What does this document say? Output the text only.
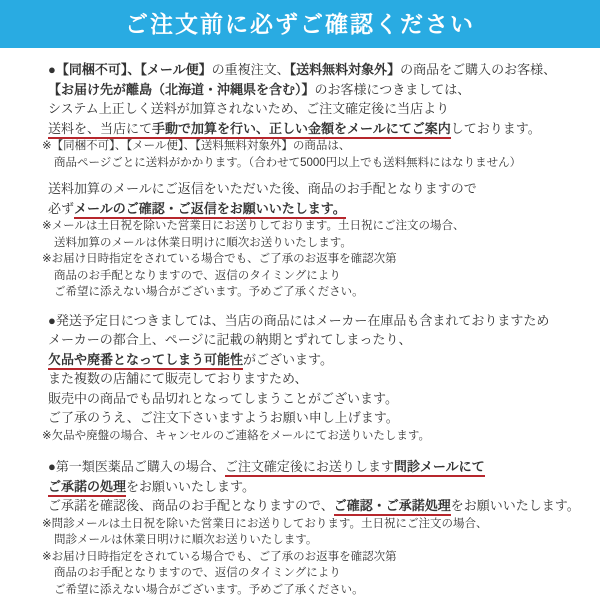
ご注文前に必ずご確認ください
●【同梱不可】、【メール便】の重複注文、【送料無料対象外】の商品をご購入のお客様、
【お届け先が離島（北海道・沖縄県を含む）】のお客様につきましては、
システム上正しく送料が加算されないため、ご注文確定後に当店より
送料を、当店にて手動で加算を行い、正しい金額をメールにてご案内しております。
※【同梱不可】、【メール便】、【送料無料対象外】の商品は、
商品ページごとに送料がかかります。（合わせて5000円以上でも送料無料にはなりません）
送料加算のメールにご返信をいただいた後、商品のお手配となりますので
必ずメールのご確認・ご返信をお願いいたします。
※メールは土日祝を除いた営業日にお送りしております。土日祝にご注文の場合、
送料加算のメールは休業日明けに順次お送りいたします。
※お届け日時指定をされている場合でも、ご了承のお返事を確認次第
商品のお手配となりますので、返信のタイミングにより
ご希望に添えない場合がございます。予めご了承ください。
●発送予定日につきましては、当店の商品にはメーカー在庫品も含まれておりますため
メーカーの都合上、ページに記載の納期とずれてしまったり、
欠品や廃番となってしまう可能性がございます。
また複数の店舗にて販売しておりますため、
販売中の商品でも品切れとなってしまうことがございます。
ご了承のうえ、ご注文下さいますようお願い申し上げます。
※欠品や廃盤の場合、キャンセルのご連絡をメールにてお送りいたします。
●第一類医薬品ご購入の場合、ご注文確定後にお送りします問診メールにて
ご承諾の処理をお願いいたします。
ご承諾を確認後、商品のお手配となりますので、ご確認・ご承諾処理をお願いいたします。
※問診メールは土日祝を除いた営業日にお送りしております。土日祝にご注文の場合、
問診メールは休業日明けに順次お送りいたします。
※お届け日時指定をされている場合でも、ご了承のお返事を確認次第
商品のお手配となりますので、返信のタイミングにより
ご希望に添えない場合がございます。予めご了承ください。
